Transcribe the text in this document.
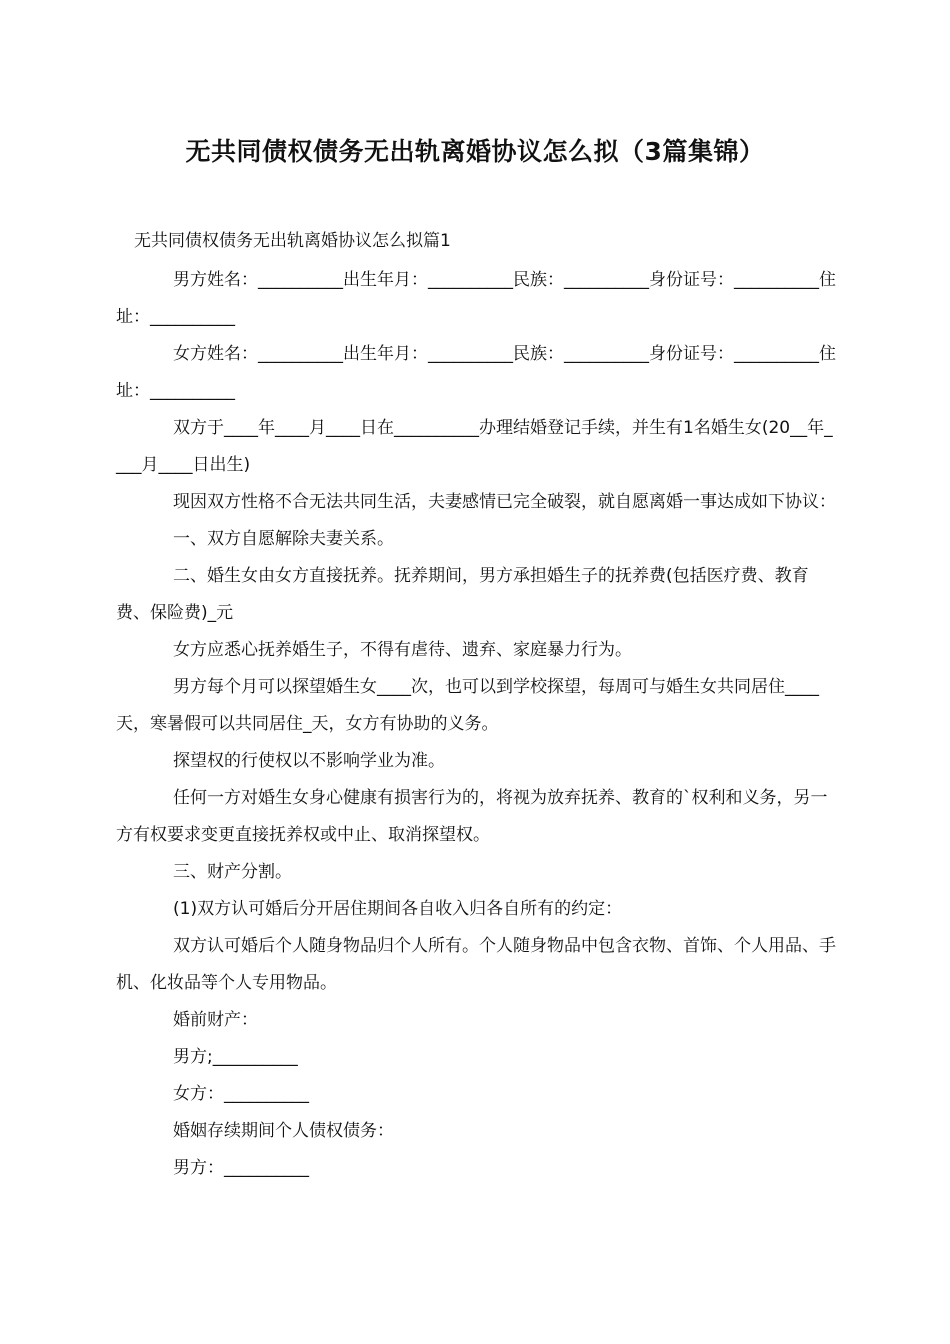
无共同债权债务无出轨离婚协议怎么拟（3篇集锦）

无共同债权债务无出轨离婚协议怎么拟篇1

男方姓名：__________出生年月：__________民族：__________身份证号：__________住址：__________

女方姓名：__________出生年月：__________民族：__________身份证号：__________住址：__________

双方于____年____月____日在__________办理结婚登记手续，并生有1名婚生女(20__年____月____日出生)

现因双方性格不合无法共同生活，夫妻感情已完全破裂，就自愿离婚一事达成如下协议：

一、双方自愿解除夫妻关系。

二、婚生女由女方直接抚养。抚养期间，男方承担婚生子的抚养费(包括医疗费、教育费、保险费)_元

女方应悉心抚养婚生子，不得有虐待、遗弃、家庭暴力行为。

男方每个月可以探望婚生女____次，也可以到学校探望，每周可与婚生女共同居住____天，寒暑假可以共同居住_天，女方有协助的义务。

探望权的行使权以不影响学业为准。

任何一方对婚生女身心健康有损害行为的，将视为放弃抚养、教育的`权利和义务，另一方有权要求变更直接抚养权或中止、取消探望权。

三、财产分割。

(1)双方认可婚后分开居住期间各自收入归各自所有的约定：

双方认可婚后个人随身物品归个人所有。个人随身物品中包含衣物、首饰、个人用品、手机、化妆品等个人专用物品。

婚前财产：

男方;__________

女方：__________

婚姻存续期间个人债权债务：

男方：__________
